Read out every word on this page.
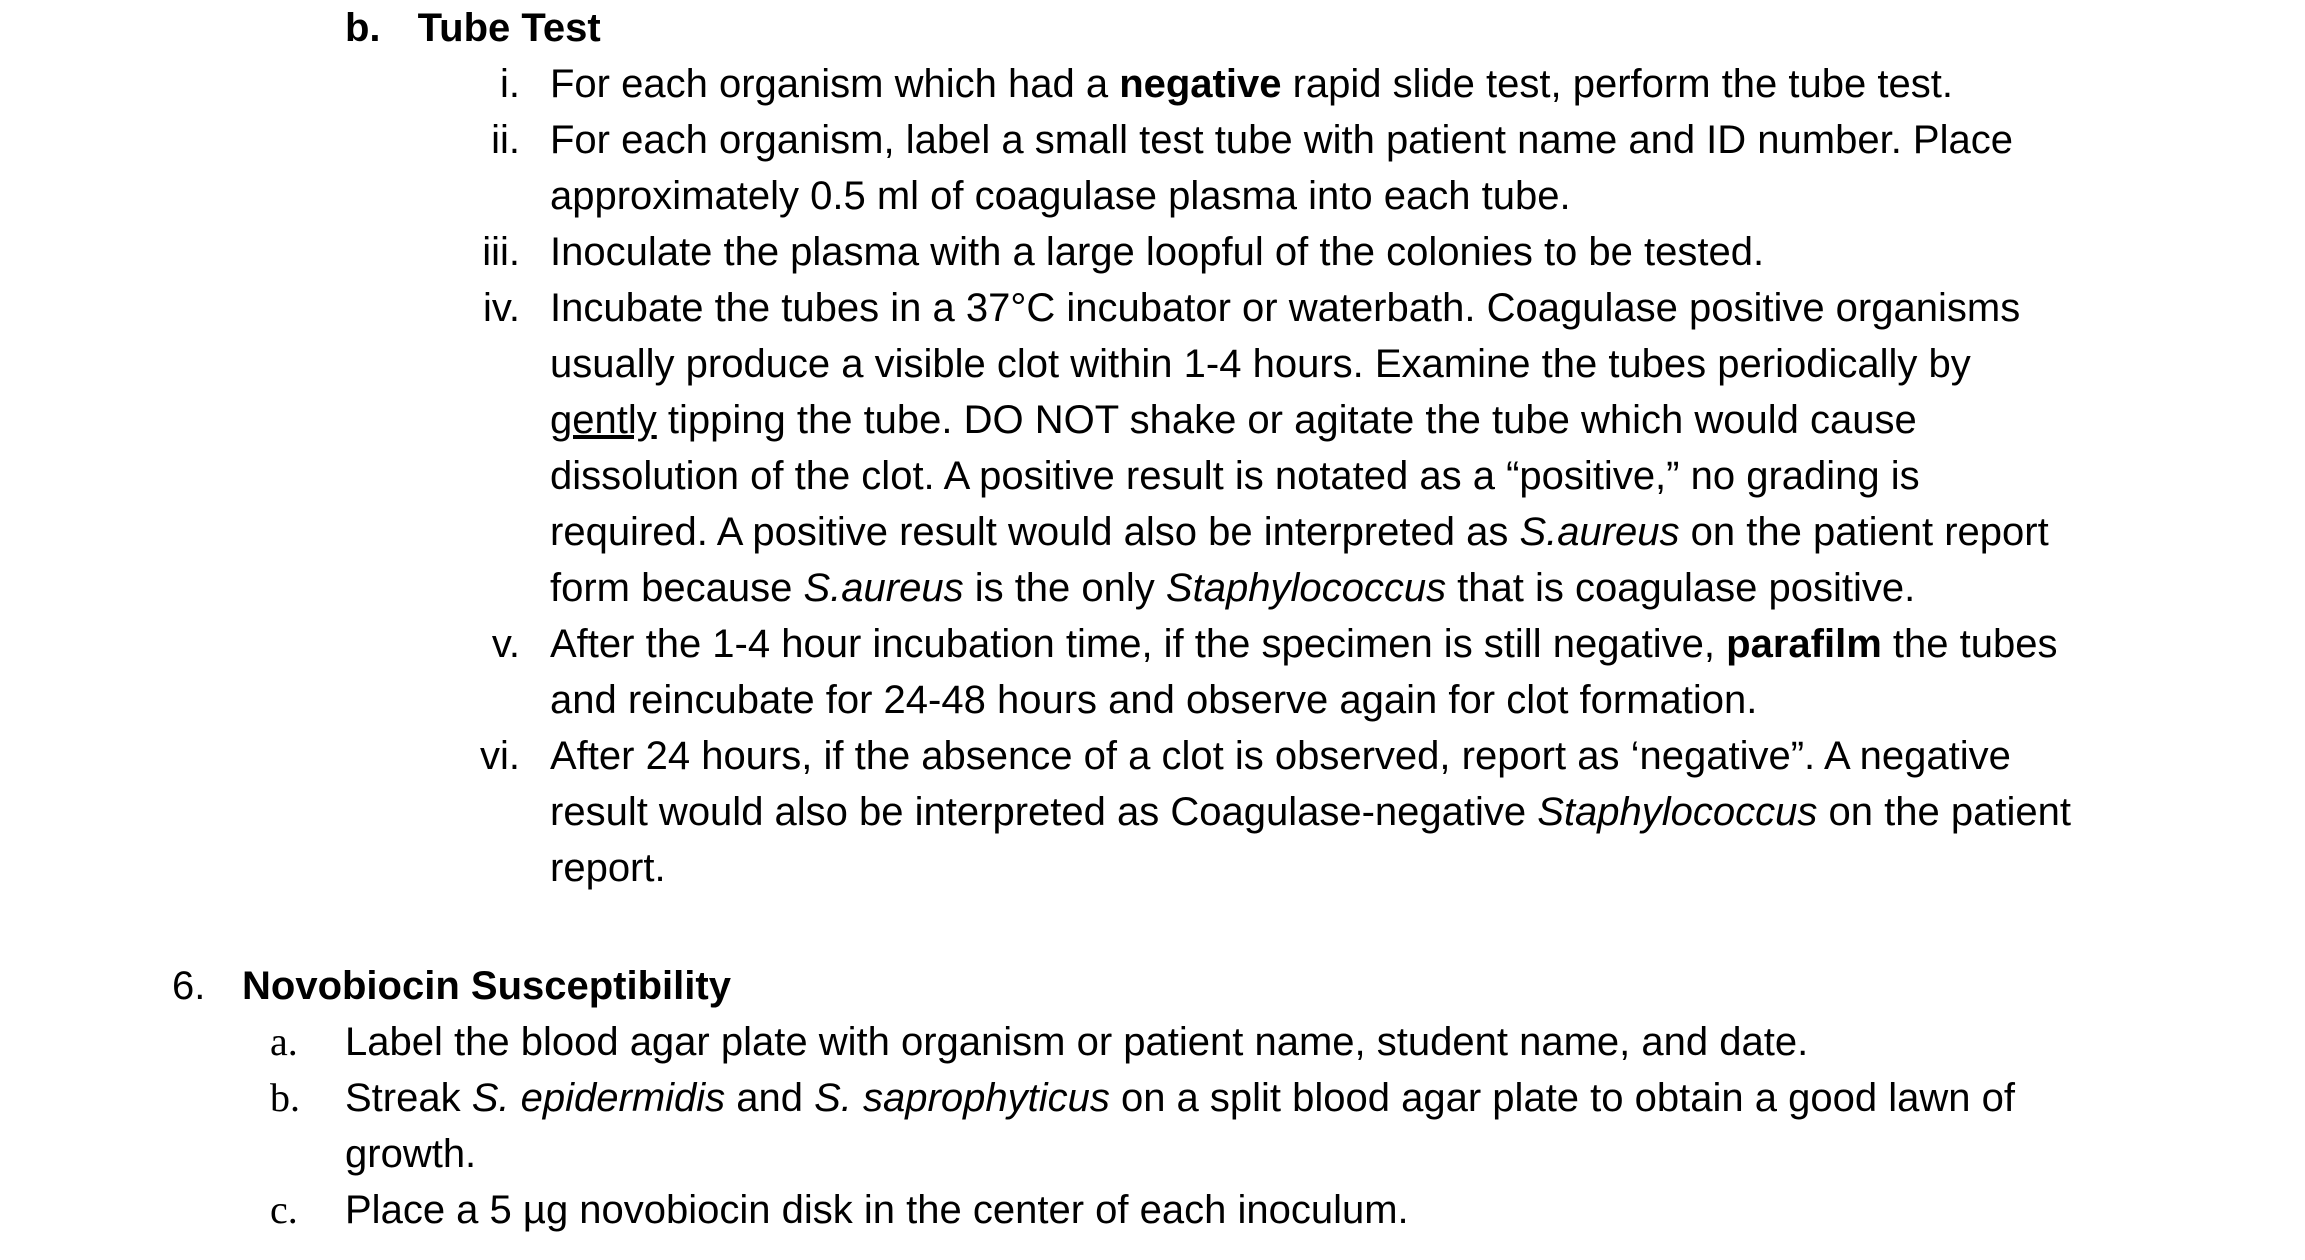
b. Tube Test
i. For each organism which had a negative rapid slide test, perform the tube test.

ii. For each organism, label a small test tube with patient name and ID number. Place

approximately 0.5 ml of coagulase plasma into each tube.

iii. Inoculate the plasma with a large loopful of the colonies to be tested.

iv. Incubate the tubes in a 37°C incubator or waterbath. Coagulase positive organisms

usually produce a visible clot within 1-4 hours. Examine the tubes periodically by

gently tipping the tube. DO NOT shake or agitate the tube which would cause

dissolution of the clot. A positive result is notated as a “positive,” no grading is

required. A positive result would also be interpreted as S.aureus on the patient report

form because S.aureus is the only Staphylococcus that is coagulase positive.

v. After the 1-4 hour incubation time, if the specimen is still negative, parafilm the tubes

and reincubate for 24-48 hours and observe again for clot formation.

vi. After 24 hours, if the absence of a clot is observed, report as ‘negative”. A negative

result would also be interpreted as Coagulase-negative Staphylococcus on the patient

report.

6. Novobiocin Susceptibility
a.	Label the blood agar plate with organism or patient name, student name, and date.

b.	Streak S. epidermidis and S. saprophyticus on a split blood agar plate to obtain a good lawn of

growth.

c.	Place a 5 µg novobiocin disk in the center of each inoculum.
